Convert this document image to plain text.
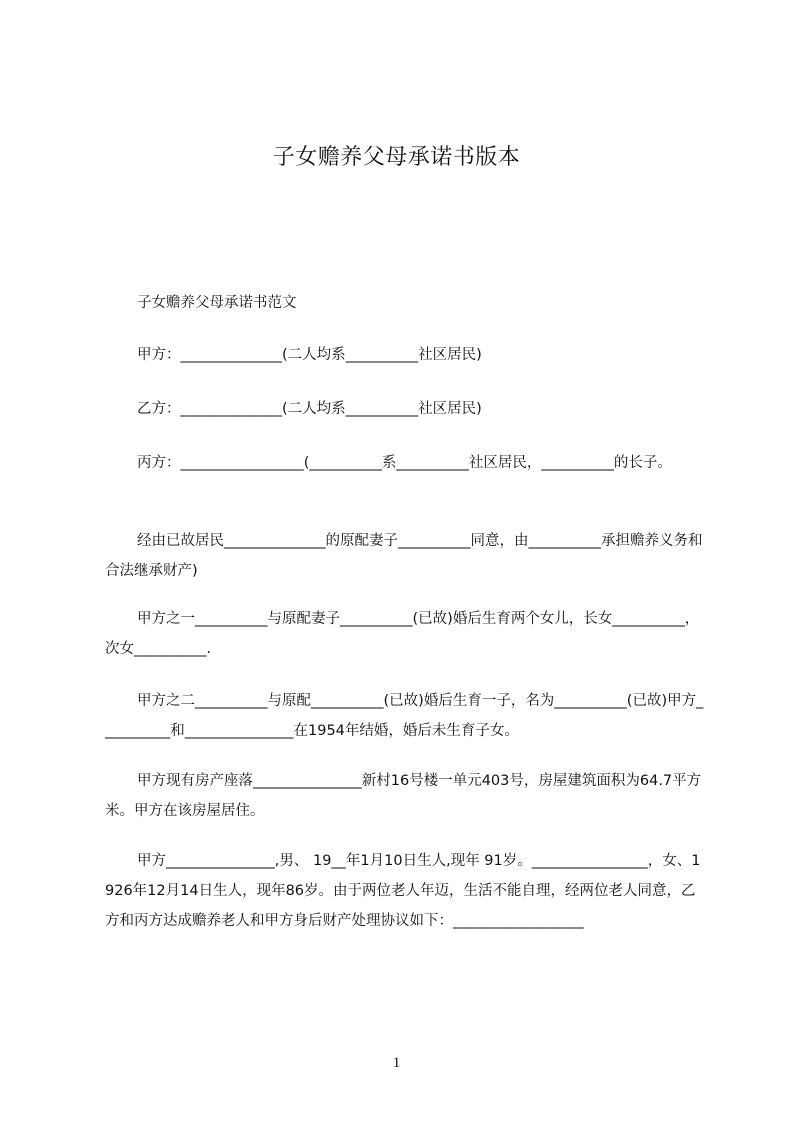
子女赡养父母承诺书版本

子女赡养父母承诺书范文

甲方：______________(二人均系__________社区居民)

乙方：______________(二人均系__________社区居民)

丙方：_________________(__________系__________社区居民，__________的长子。

经由已故居民______________的原配妻子__________同意，由__________承担赡养义务和合法继承财产)

甲方之一__________与原配妻子__________(已故)婚后生育两个女儿，长女__________，次女__________.

甲方之二__________与原配__________(已故)婚后生育一子，名为__________(已故)甲方__________和_______________在1954年结婚，婚后未生育子女。

甲方现有房产座落_______________新村16号楼一单元403号，房屋建筑面积为64.7平方米。甲方在该房屋居住。

甲方_______________,男、 19__年1月10日生人,现年 91岁。________________，女、1926年12月14日生人，现年86岁。由于两位老人年迈，生活不能自理，经两位老人同意，乙方和丙方达成赡养老人和甲方身后财产处理协议如下：__________________

1
